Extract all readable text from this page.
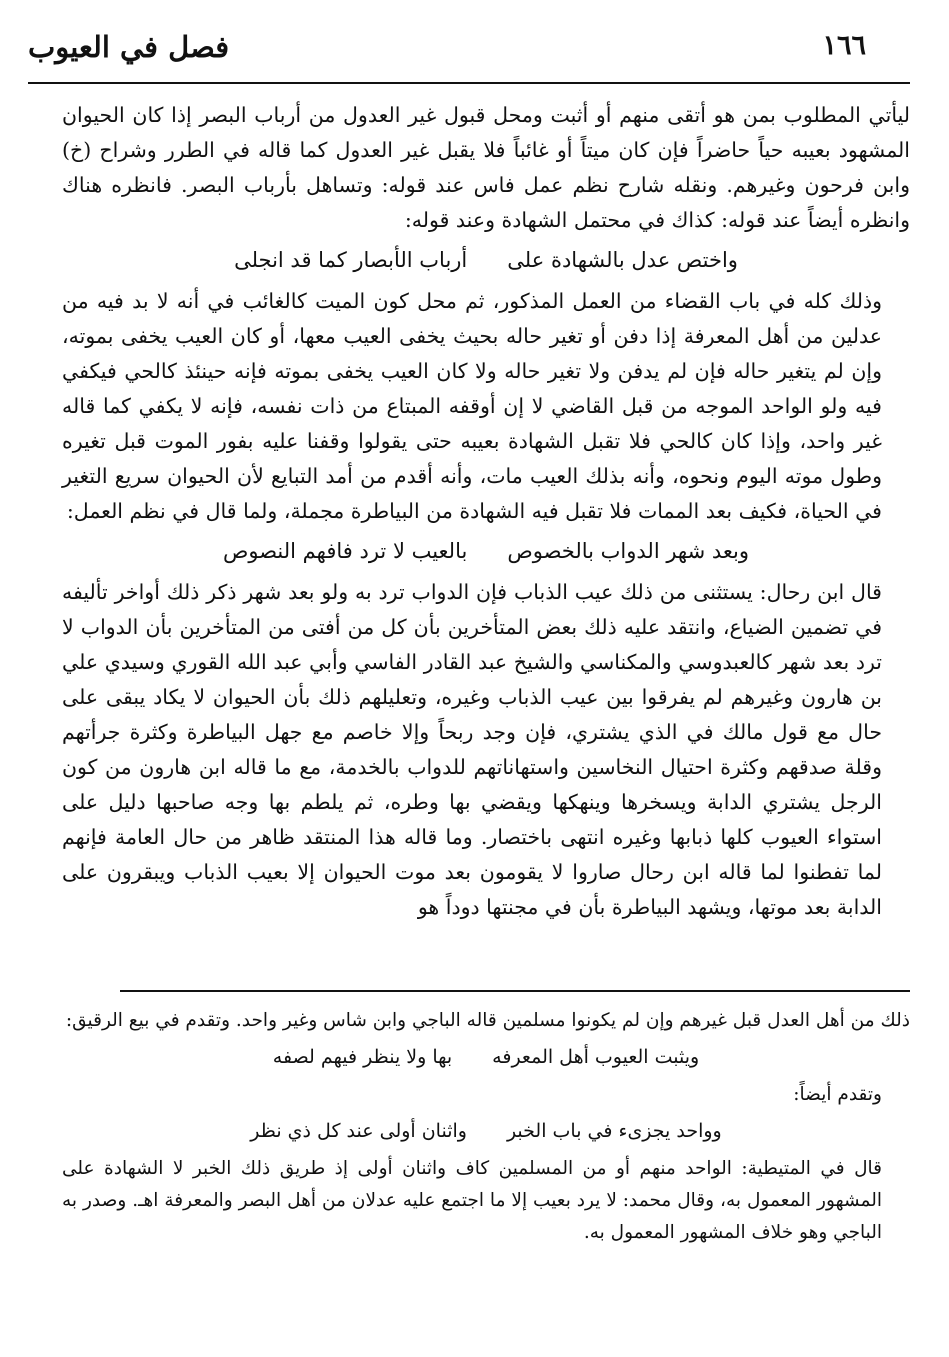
١٦٦
فصل في العيوب

ليأتي المطلوب بمن هو أتقى منهم أو أثبت ومحل قبول غير العدول من أرباب البصر إذا كان الحيوان المشهود بعيبه حياً حاضراً فإن كان ميتاً أو غائباً فلا يقبل غير العدول كما قاله في الطرر وشراح (خ) وابن فرحون وغيرهم. ونقله شارح نظم عمل فاس عند قوله: وتساهل بأرباب البصر. فانظره هناك وانظره أيضاً عند قوله: كذاك في محتمل الشهادة وعند قوله:

واختص عدل بالشهادة على
أرباب الأبصار كما قد انجلى

وذلك كله في باب القضاء من العمل المذكور، ثم محل كون الميت كالغائب في أنه لا بد فيه من عدلين من أهل المعرفة إذا دفن أو تغير حاله بحيث يخفى العيب معها، أو كان العيب يخفى بموته، وإن لم يتغير حاله فإن لم يدفن ولا تغير حاله ولا كان العيب يخفى بموته فإنه حينئذ كالحي فيكفي فيه ولو الواحد الموجه من قبل القاضي لا إن أوقفه المبتاع من ذات نفسه، فإنه لا يكفي كما قاله غير واحد، وإذا كان كالحي فلا تقبل الشهادة بعيبه حتى يقولوا وقفنا عليه بفور الموت قبل تغيره وطول موته اليوم ونحوه، وأنه بذلك العيب مات، وأنه أقدم من أمد التبايع لأن الحيوان سريع التغير في الحياة، فكيف بعد الممات فلا تقبل فيه الشهادة من البياطرة مجملة، ولما قال في نظم العمل:

وبعد شهر الدواب بالخصوص
بالعيب لا ترد فافهم النصوص

قال ابن رحال: يستثنى من ذلك عيب الذباب فإن الدواب ترد به ولو بعد شهر ذكر ذلك أواخر تأليفه في تضمين الضياع، وانتقد عليه ذلك بعض المتأخرين بأن كل من أفتى من المتأخرين بأن الدواب لا ترد بعد شهر كالعبدوسي والمكناسي والشيخ عبد القادر الفاسي وأبي عبد الله القوري وسيدي علي بن هارون وغيرهم لم يفرقوا بين عيب الذباب وغيره، وتعليلهم ذلك بأن الحيوان لا يكاد يبقى على حال مع قول مالك في الذي يشتري، فإن وجد ربحاً وإلا خاصم مع جهل البياطرة وكثرة جرأتهم وقلة صدقهم وكثرة احتيال النخاسين واستهاناتهم للدواب بالخدمة، مع ما قاله ابن هارون من كون الرجل يشتري الدابة ويسخرها وينهكها ويقضي بها وطره، ثم يلطم بها وجه صاحبها دليل على استواء العيوب كلها ذبابها وغيره انتهى باختصار. وما قاله هذا المنتقد ظاهر من حال العامة فإنهم لما تفطنوا لما قاله ابن رحال صاروا لا يقومون بعد موت الحيوان إلا بعيب الذباب ويبقرون على الدابة بعد موتها، ويشهد البياطرة بأن في مجنتها دوداً هو

ذلك من أهل العدل قبل غيرهم وإن لم يكونوا مسلمين قاله الباجي وابن شاس وغير واحد. وتقدم في بيع الرقيق:

ويثبت العيوب أهل المعرفه
بها ولا ينظر فيهم لصفه

وتقدم أيضاً:

وواحد يجزىء في باب الخبر
واثنان أولى عند كل ذي نظر

قال في المتيطية: الواحد منهم أو من المسلمين كاف واثنان أولى إذ طريق ذلك الخبر لا الشهادة على المشهور المعمول به، وقال محمد: لا يرد بعيب إلا ما اجتمع عليه عدلان من أهل البصر والمعرفة اهـ. وصدر به الباجي وهو خلاف المشهور المعمول به.
